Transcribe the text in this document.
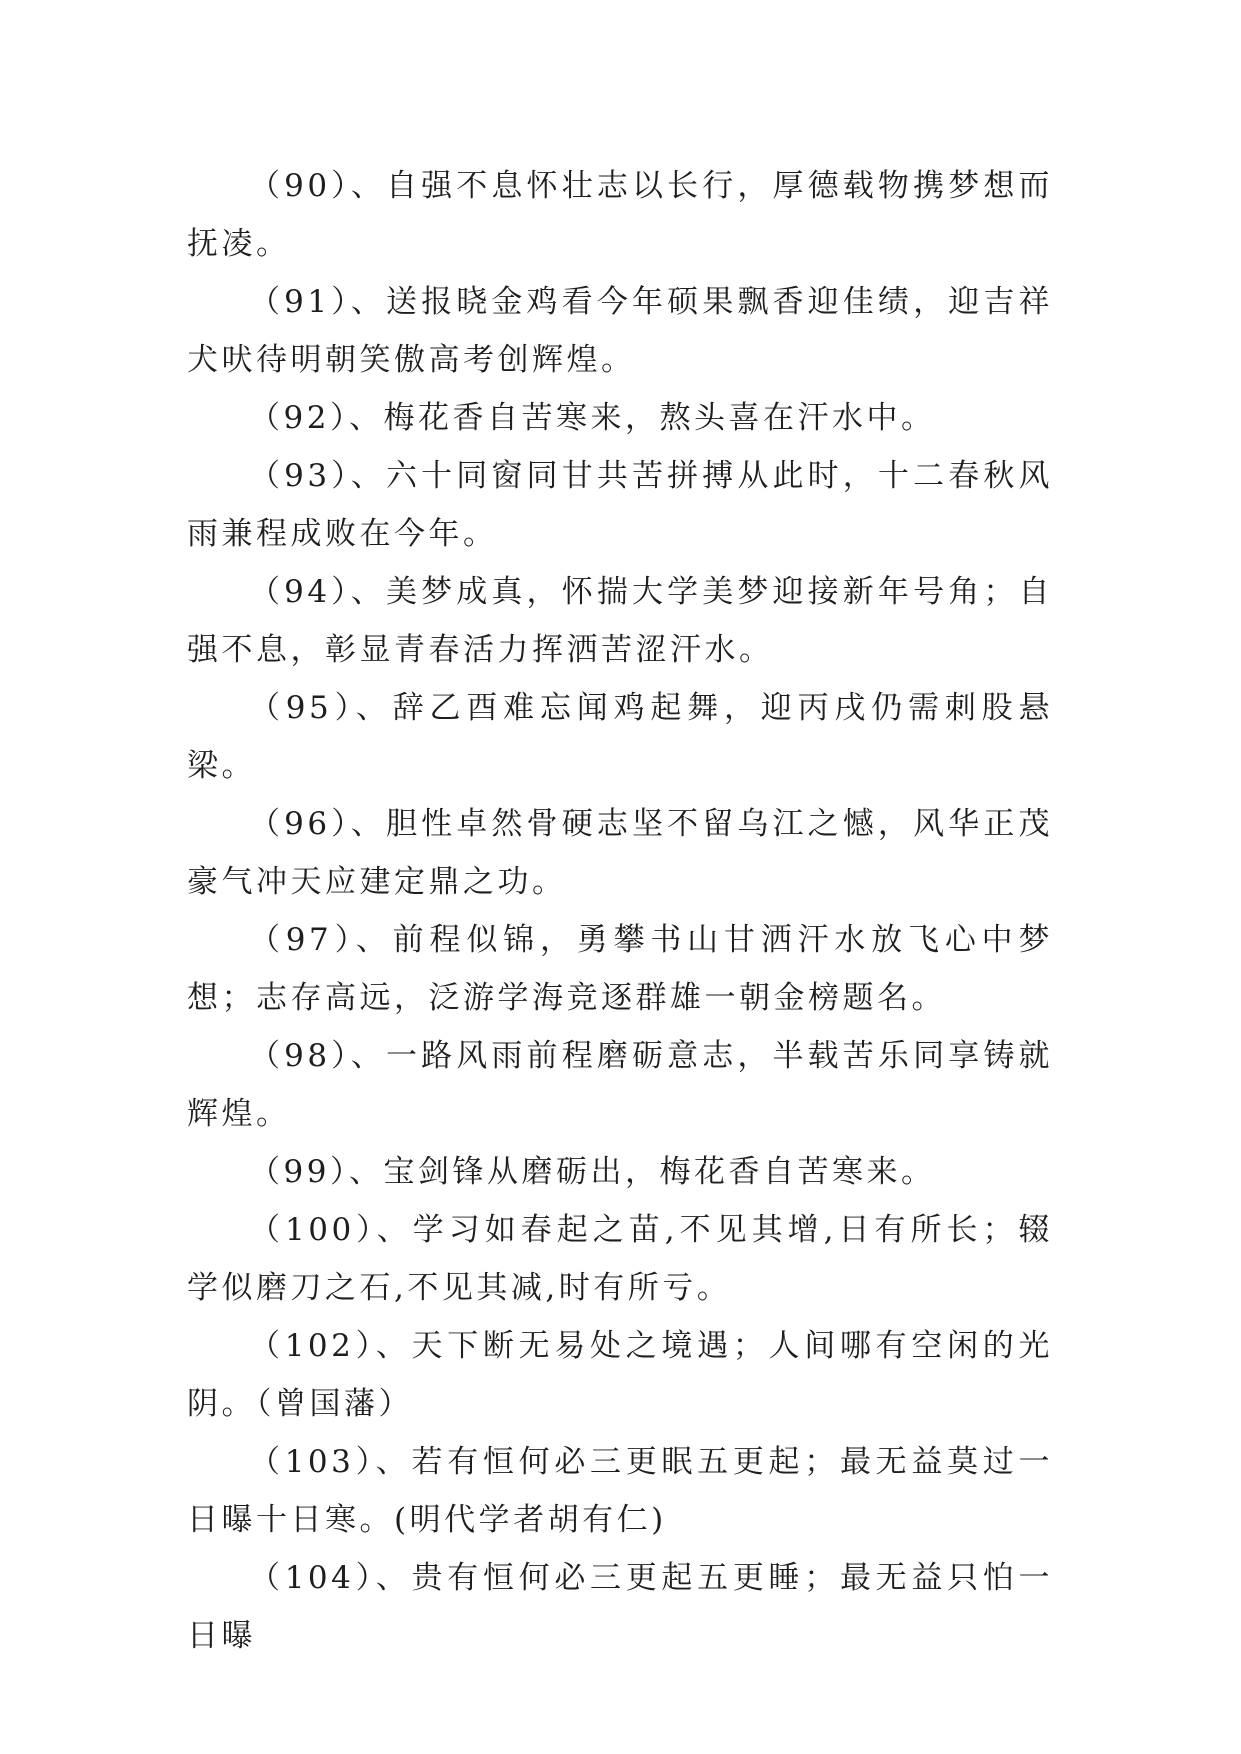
（90）、自强不息怀壮志以长行，厚德载物携梦想而抚凌。

（91）、送报晓金鸡看今年硕果飘香迎佳绩，迎吉祥犬吠待明朝笑傲高考创辉煌。

（92）、梅花香自苦寒来，熬头喜在汗水中。

（93）、六十同窗同甘共苦拼搏从此时，十二春秋风雨兼程成败在今年。

（94）、美梦成真，怀揣大学美梦迎接新年号角；自强不息，彰显青春活力挥洒苦涩汗水。

（95）、辞乙酉难忘闻鸡起舞，迎丙戌仍需刺股悬梁。

（96）、胆性卓然骨硬志坚不留乌江之憾，风华正茂豪气冲天应建定鼎之功。

（97）、前程似锦，勇攀书山甘洒汗水放飞心中梦想；志存高远，泛游学海竞逐群雄一朝金榜题名。

（98）、一路风雨前程磨砺意志，半载苦乐同享铸就辉煌。

（99）、宝剑锋从磨砺出，梅花香自苦寒来。

（100）、学习如春起之苗,不见其增,日有所长；辍学似磨刀之石,不见其减,时有所亏。

（102）、天下断无易处之境遇；人间哪有空闲的光阴。（曾国藩）

（103）、若有恒何必三更眠五更起；最无益莫过一日曝十日寒。(明代学者胡有仁)

（104）、贵有恒何必三更起五更睡；最无益只怕一日曝
